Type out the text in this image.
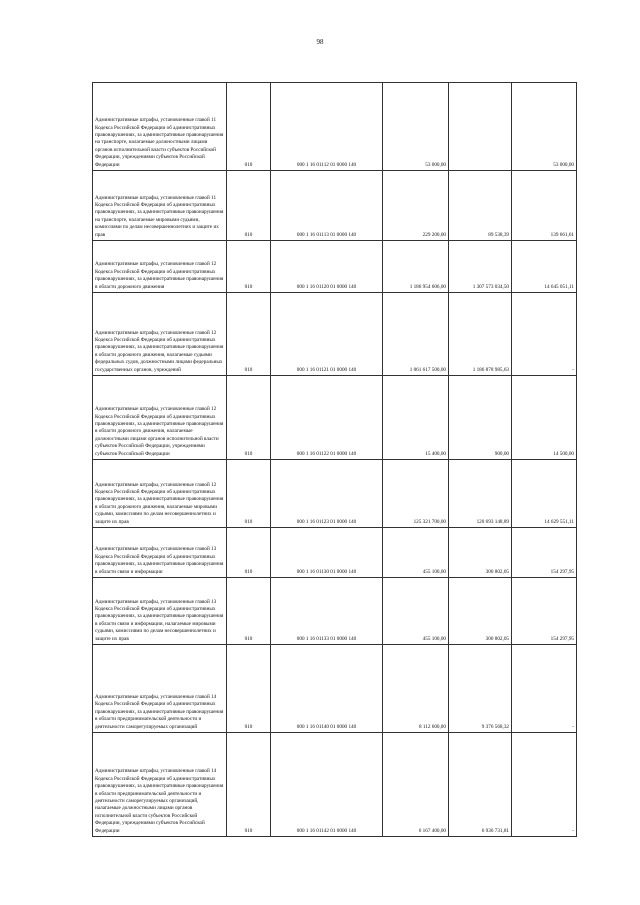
98
Административные штрафы, установленные главой 11 Кодекса Российской Федерации об административных правонарушениях, за административные правонарушения на транспорте, налагаемые должностными лицами органов исполнительной власти субъектов Российской Федерации, учреждениями субъектов Российской Федерации	010	000 1 16 01112 01 0000 140	53 000,00		53 000,00
Административные штрафы, установленные главой 11 Кодекса Российской Федерации об административных правонарушениях, за административные правонарушения на транспорте, налагаемые мировыми судьями, комиссиями по делам несовершеннолетних и защите их прав	010	000 1 16 01113 01 0000 140	229 200,00	89 538,39	139 661,61
Административные штрафы, установленные главой 12 Кодекса Российской Федерации об административных правонарушениях, за административные правонарушения в области дорожного движения	010	000 1 16 01120 01 0000 140	1 186 954 606,00	1 307 573 034,50	14 645 051,11
Административные штрафы, установленные главой 12 Кодекса Российской Федерации об административных правонарушениях, за административные правонарушения в области дорожного движения, налагаемые судьями федеральных судов, должностными лицами федеральных государственных органов, учреждений	010	000 1 16 01121 01 0000 140	1 061 617 500,00	1 186 878 985,63	-
Административные штрафы, установленные главой 12 Кодекса Российской Федерации об административных правонарушениях, за административные правонарушения в области дорожного движения, налагаемые должностными лицами органов исполнительной власти субъектов Российской Федерации, учреждениями субъектов Российской Федерации	010	000 1 16 01122 01 0000 140	15 400,00	900,00	14 500,00
Административные штрафы, установленные главой 12 Кодекса Российской Федерации об административных правонарушениях, за административные правонарушения в области дорожного движения, налагаемые мировыми судьями, комиссиями по делам несовершеннолетних и защите их прав	010	000 1 16 01123 01 0000 140	125 321 700,00	120 693 148,89	14 629 551,11
Административные штрафы, установленные главой 13 Кодекса Российской Федерации об административных правонарушениях, за административные правонарушения в области связи и информации	010	000 1 16 01130 01 0000 140	455 100,00	300 802,05	154 297,95
Административные штрафы, установленные главой 13 Кодекса Российской Федерации об административных правонарушениях, за административные правонарушения в области связи и информации, налагаемые мировыми судьями, комиссиями по делам несовершеннолетних и защите их прав	010	000 1 16 01133 01 0000 140	455 100,00	300 802,05	154 297,95
Административные штрафы, установленные главой 14 Кодекса Российской Федерации об административных правонарушениях, за административные правонарушения в области предпринимательской деятельности и деятельности саморегулируемых организаций	010	000 1 16 01140 01 0000 140	8 112 600,00	9 376 568,32	-
Административные штрафы, установленные главой 14 Кодекса Российской Федерации об административных правонарушениях, за административные правонарушения в области предпринимательской деятельности и деятельности саморегулируемых организаций, налагаемые должностными лицами органов исполнительной власти субъектов Российской Федерации, учреждениями субъектов Российской Федерации	010	000 1 16 01142 01 0000 140	6 167 400,00	6 936 731,81	-
